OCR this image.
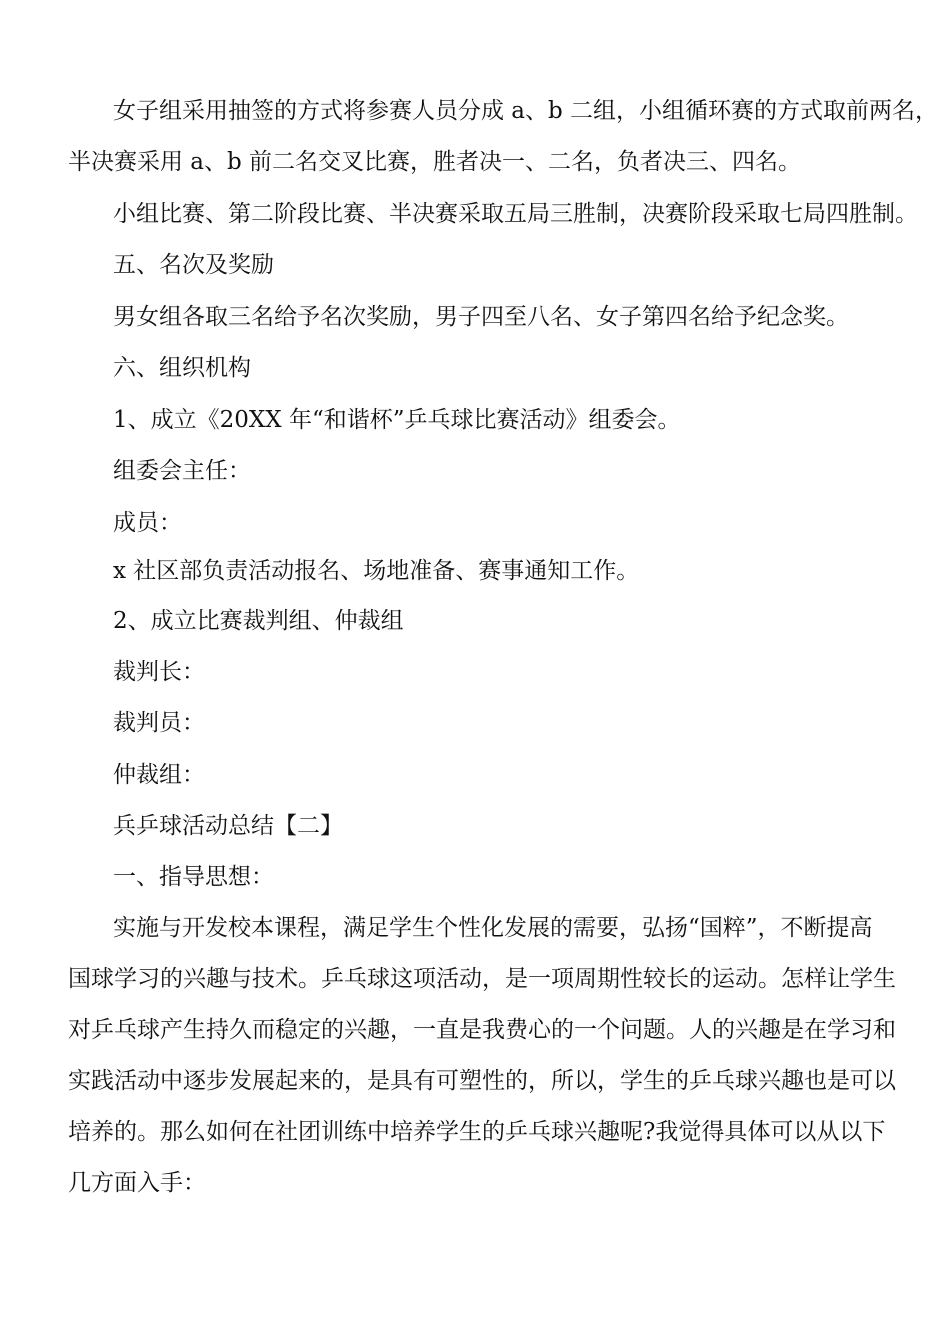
女子组采用抽签的方式将参赛人员分成 a、b 二组，小组循环赛的方式取前两名，
半决赛采用 a、b 前二名交叉比赛，胜者决一、二名，负者决三、四名。
小组比赛、第二阶段比赛、半决赛采取五局三胜制，决赛阶段采取七局四胜制。
五、名次及奖励
男女组各取三名给予名次奖励，男子四至八名、女子第四名给予纪念奖。
六、组织机构
1、成立《20XX 年“和谐杯”乒乓球比赛活动》组委会。
组委会主任：
成员：
x 社区部负责活动报名、场地准备、赛事通知工作。
2、成立比赛裁判组、仲裁组
裁判长：
裁判员：
仲裁组：
兵乒球活动总结【二】
一、指导思想：
实施与开发校本课程，满足学生个性化发展的需要，弘扬“国粹”，不断提高
国球学习的兴趣与技术。乒乓球这项活动，是一项周期性较长的运动。怎样让学生
对乒乓球产生持久而稳定的兴趣，一直是我费心的一个问题。人的兴趣是在学习和
实践活动中逐步发展起来的，是具有可塑性的，所以，学生的乒乓球兴趣也是可以
培养的。那么如何在社团训练中培养学生的乒乓球兴趣呢?我觉得具体可以从以下
几方面入手：
